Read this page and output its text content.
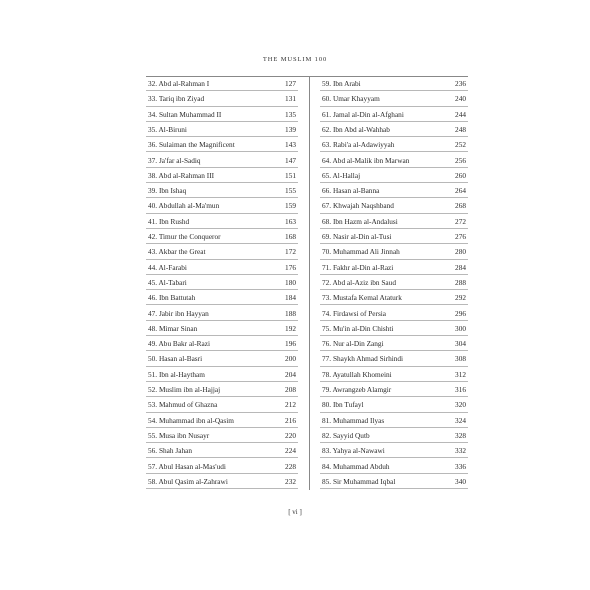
THE MUSLIM 100
32. Abd al-Rahman I	127
33. Tariq ibn Ziyad	131
34. Sultan Muhammad II	135
35. Al-Biruni	139
36. Sulaiman the Magnificent	143
37. Ja'far al-Sadiq	147
38. Abd al-Rahman III	151
39. Ibn Ishaq	155
40. Abdullah al-Ma'mun	159
41. Ibn Rushd	163
42. Timur the Conqueror	168
43. Akbar the Great	172
44. Al-Farabi	176
45. Al-Tabari	180
46. Ibn Battutah	184
47. Jabir ibn Hayyan	188
48. Mimar Sinan	192
49. Abu Bakr al-Razi	196
50. Hasan al-Basri	200
51. Ibn al-Haytham	204
52. Muslim ibn al-Hajjaj	208
53. Mahmud of Ghazna	212
54. Muhammad ibn al-Qasim	216
55. Musa ibn Nusayr	220
56. Shah Jahan	224
57. Abul Hasan al-Mas'udi	228
58. Abul Qasim al-Zahrawi	232
59. Ibn Arabi	236
60. Umar Khayyam	240
61. Jamal al-Din al-Afghani	244
62. Ibn Abd al-Wahhab	248
63. Rabi'a al-Adawiyyah	252
64. Abd al-Malik ibn Marwan	256
65. Al-Hallaj	260
66. Hasan al-Banna	264
67. Khwajah Naqshband	268
68. Ibn Hazm al-Andalusi	272
69. Nasir al-Din al-Tusi	276
70. Muhammad Ali Jinnah	280
71. Fakhr al-Din al-Razi	284
72. Abd al-Aziz ibn Saud	288
73. Mustafa Kemal Ataturk	292
74. Firdawsi of Persia	296
75. Mu'in al-Din Chishti	300
76. Nur al-Din Zangi	304
77. Shaykh Ahmad Sirhindi	308
78. Ayatullah Khomeini	312
79. Awrangzeb Alamgir	316
80. Ibn Tufayl	320
81. Muhammad Ilyas	324
82. Sayyid Qutb	328
83. Yahya al-Nawawi	332
84. Muhammad Abduh	336
85. Sir Muhammad Iqbal	340
[ vi ]
